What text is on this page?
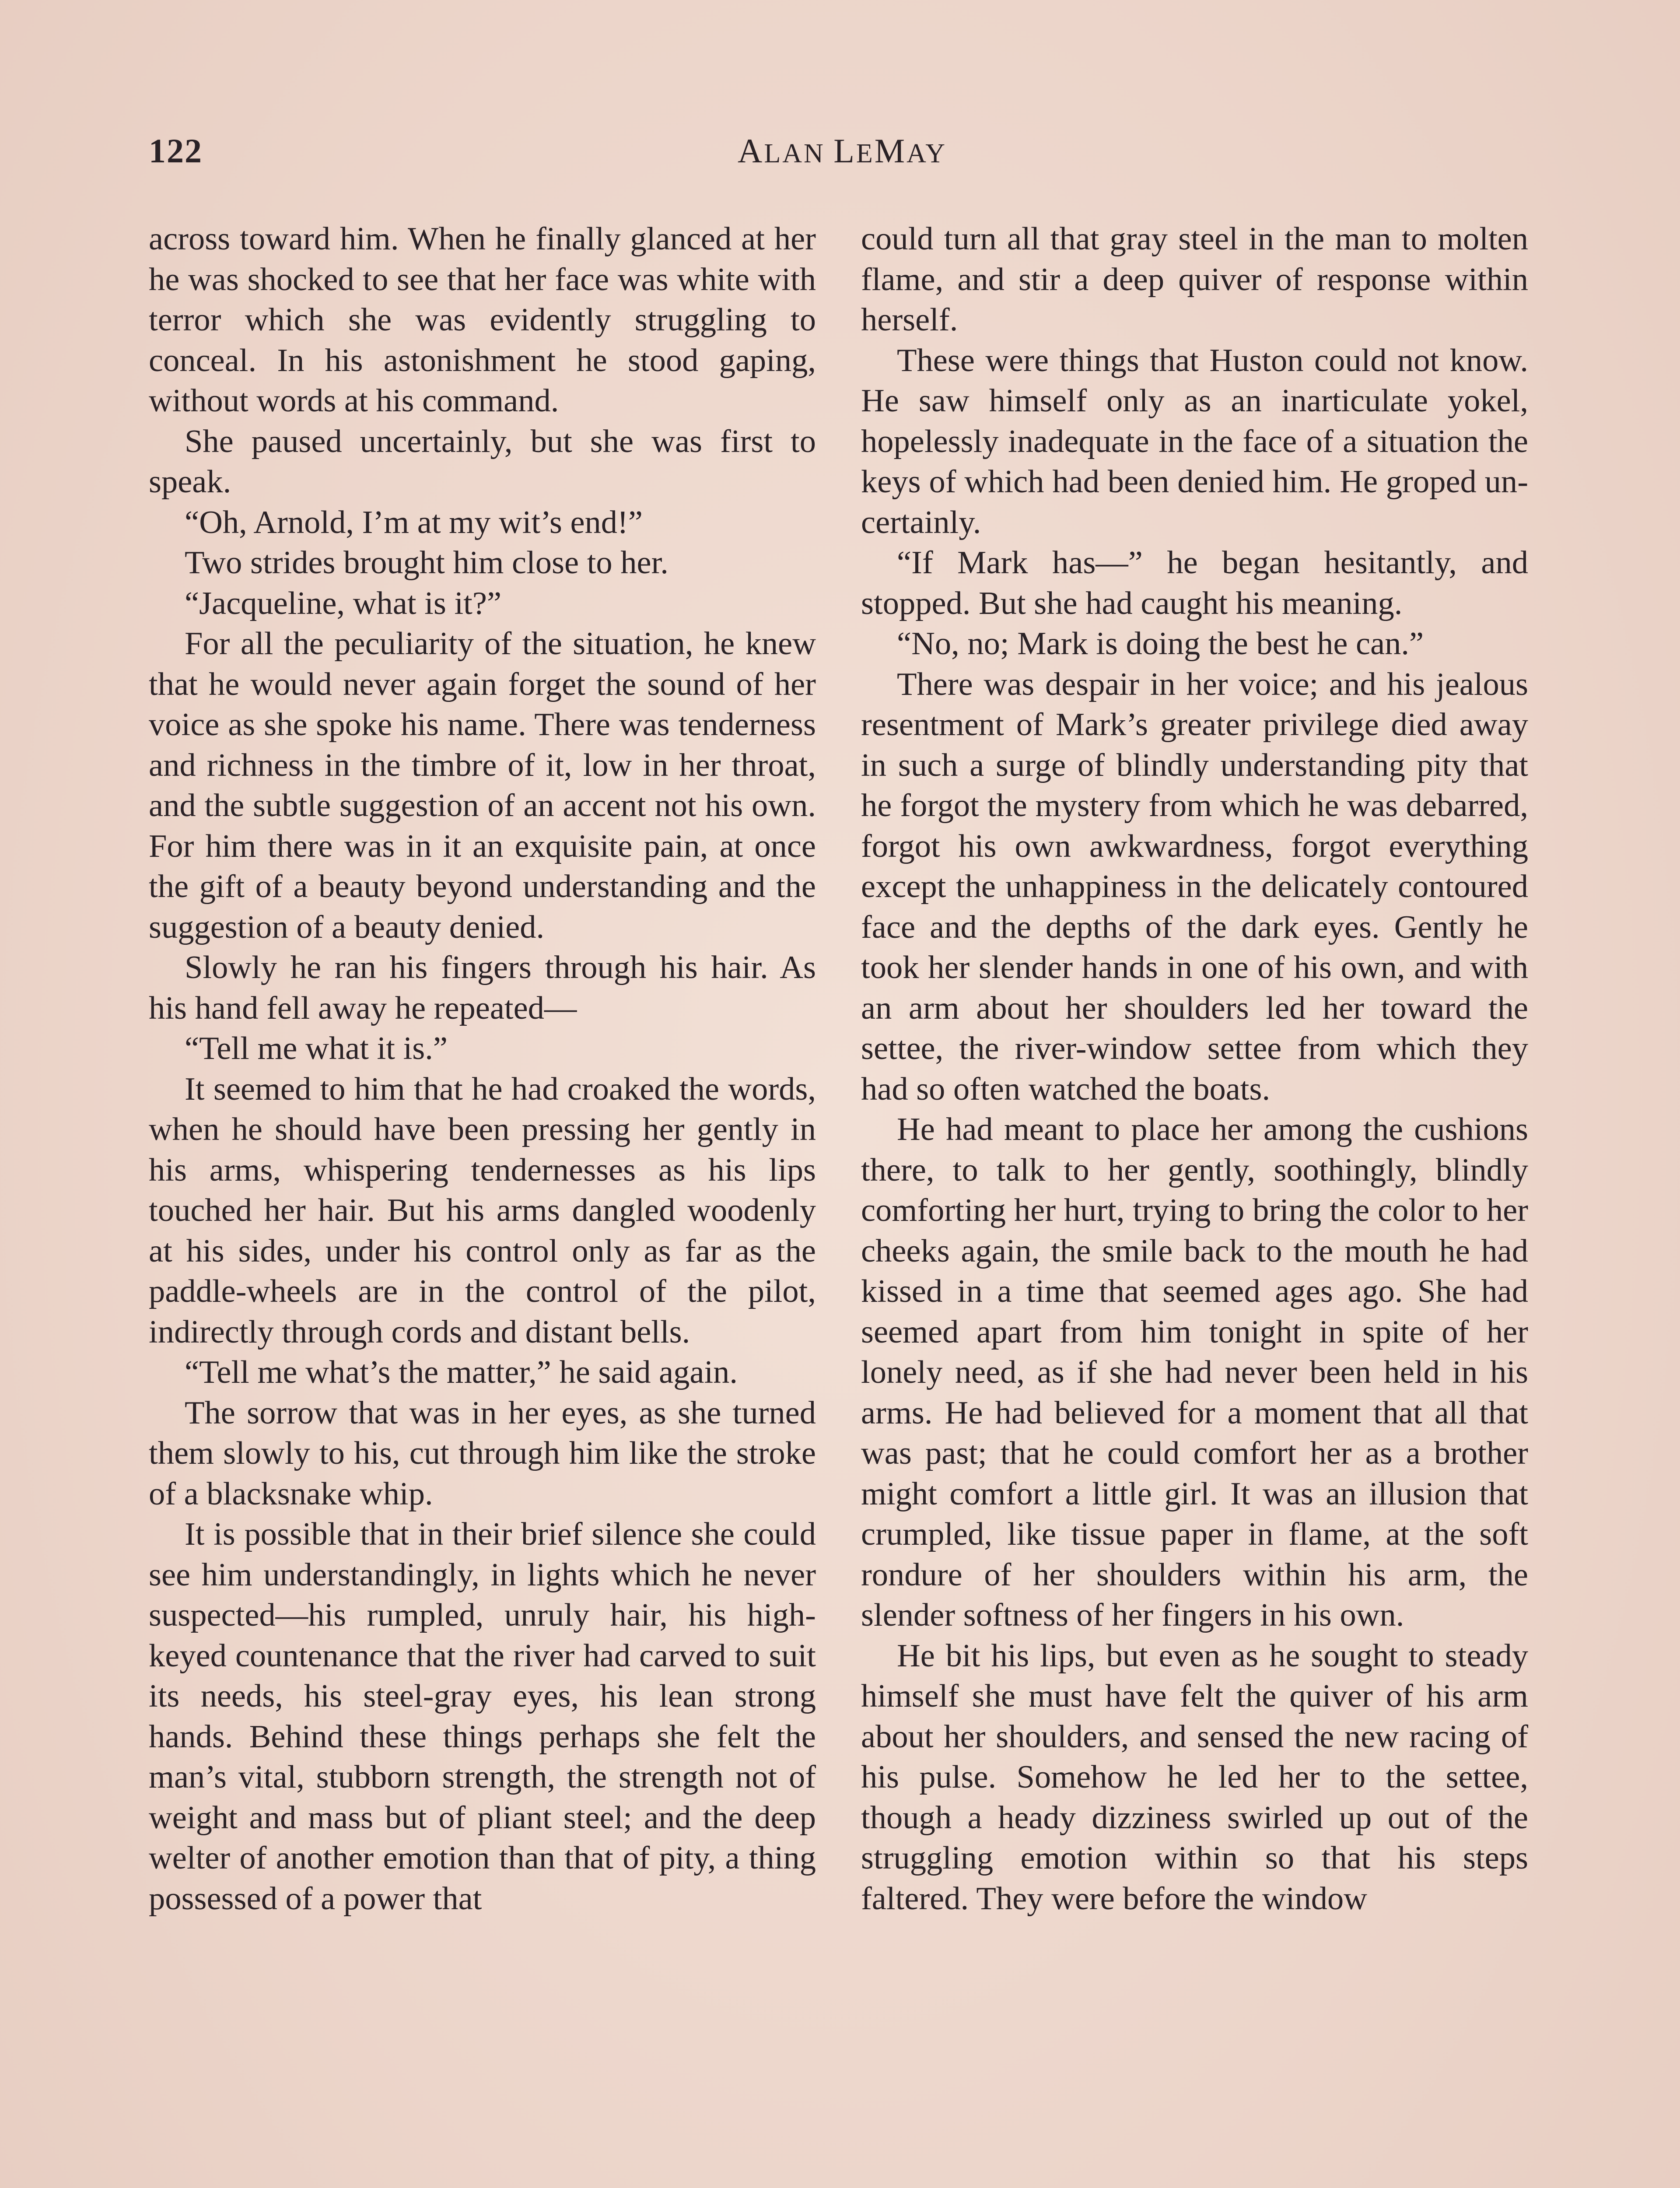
122	ALAN LEMAY

across toward him. When he finally glanced at her he was shocked to see that her face was white with terror which she was evidently struggling to conceal. In his astonishment he stood gaping, without words at his command.

She paused uncertainly, but she was first to speak.

“Oh, Arnold, I’m at my wit’s end!”

Two strides brought him close to her.

“Jacqueline, what is it?”

For all the peculiarity of the situation, he knew that he would never again forget the sound of her voice as she spoke his name. There was tenderness and richness in the timbre of it, low in her throat, and the subtle suggestion of an accent not his own. For him there was in it an exquisite pain, at once the gift of a beauty beyond understanding and the suggestion of a beauty denied.

Slowly he ran his fingers through his hair. As his hand fell away he repeated—

“Tell me what it is.”

It seemed to him that he had croaked the words, when he should have been pressing her gently in his arms, whispering tendernesses as his lips touched her hair. But his arms dangled woodenly at his sides, under his control only as far as the paddle-wheels are in the control of the pilot, indirectly through cords and distant bells.

“Tell me what’s the matter,” he said again.

The sorrow that was in her eyes, as she turned them slowly to his, cut through him like the stroke of a blacksnake whip.

It is possible that in their brief silence she could see him understandingly, in lights which he never suspected—his rumpled, unruly hair, his high-keyed countenance that the river had carved to suit its needs, his steel-gray eyes, his lean strong hands. Behind these things perhaps she felt the man’s vital, stubborn strength, the strength not of weight and mass but of pliant steel; and the deep welter of another emotion than that of pity, a thing possessed of a power that

could turn all that gray steel in the man to molten flame, and stir a deep quiver of response within herself.

These were things that Huston could not know. He saw himself only as an inarticulate yokel, hopelessly inadequate in the face of a situation the keys of which had been denied him. He groped uncertainly.

“If Mark has—” he began hesitantly, and stopped. But she had caught his meaning.

“No, no; Mark is doing the best he can.”

There was despair in her voice; and his jealous resentment of Mark’s greater privilege died away in such a surge of blindly understanding pity that he forgot the mystery from which he was debarred, forgot his own awkwardness, forgot everything except the unhappiness in the delicately contoured face and the depths of the dark eyes. Gently he took her slender hands in one of his own, and with an arm about her shoulders led her toward the settee, the river-window settee from which they had so often watched the boats.

He had meant to place her among the cushions there, to talk to her gently, soothingly, blindly comforting her hurt, trying to bring the color to her cheeks again, the smile back to the mouth he had kissed in a time that seemed ages ago. She had seemed apart from him tonight in spite of her lonely need, as if she had never been held in his arms. He had believed for a moment that all that was past; that he could comfort her as a brother might comfort a little girl. It was an illusion that crumpled, like tissue paper in flame, at the soft rondure of her shoulders within his arm, the slender softness of her fingers in his own.

He bit his lips, but even as he sought to steady himself she must have felt the quiver of his arm about her shoulders, and sensed the new racing of his pulse. Somehow he led her to the settee, though a heady dizziness swirled up out of the struggling emotion within so that his steps faltered. They were before the window
